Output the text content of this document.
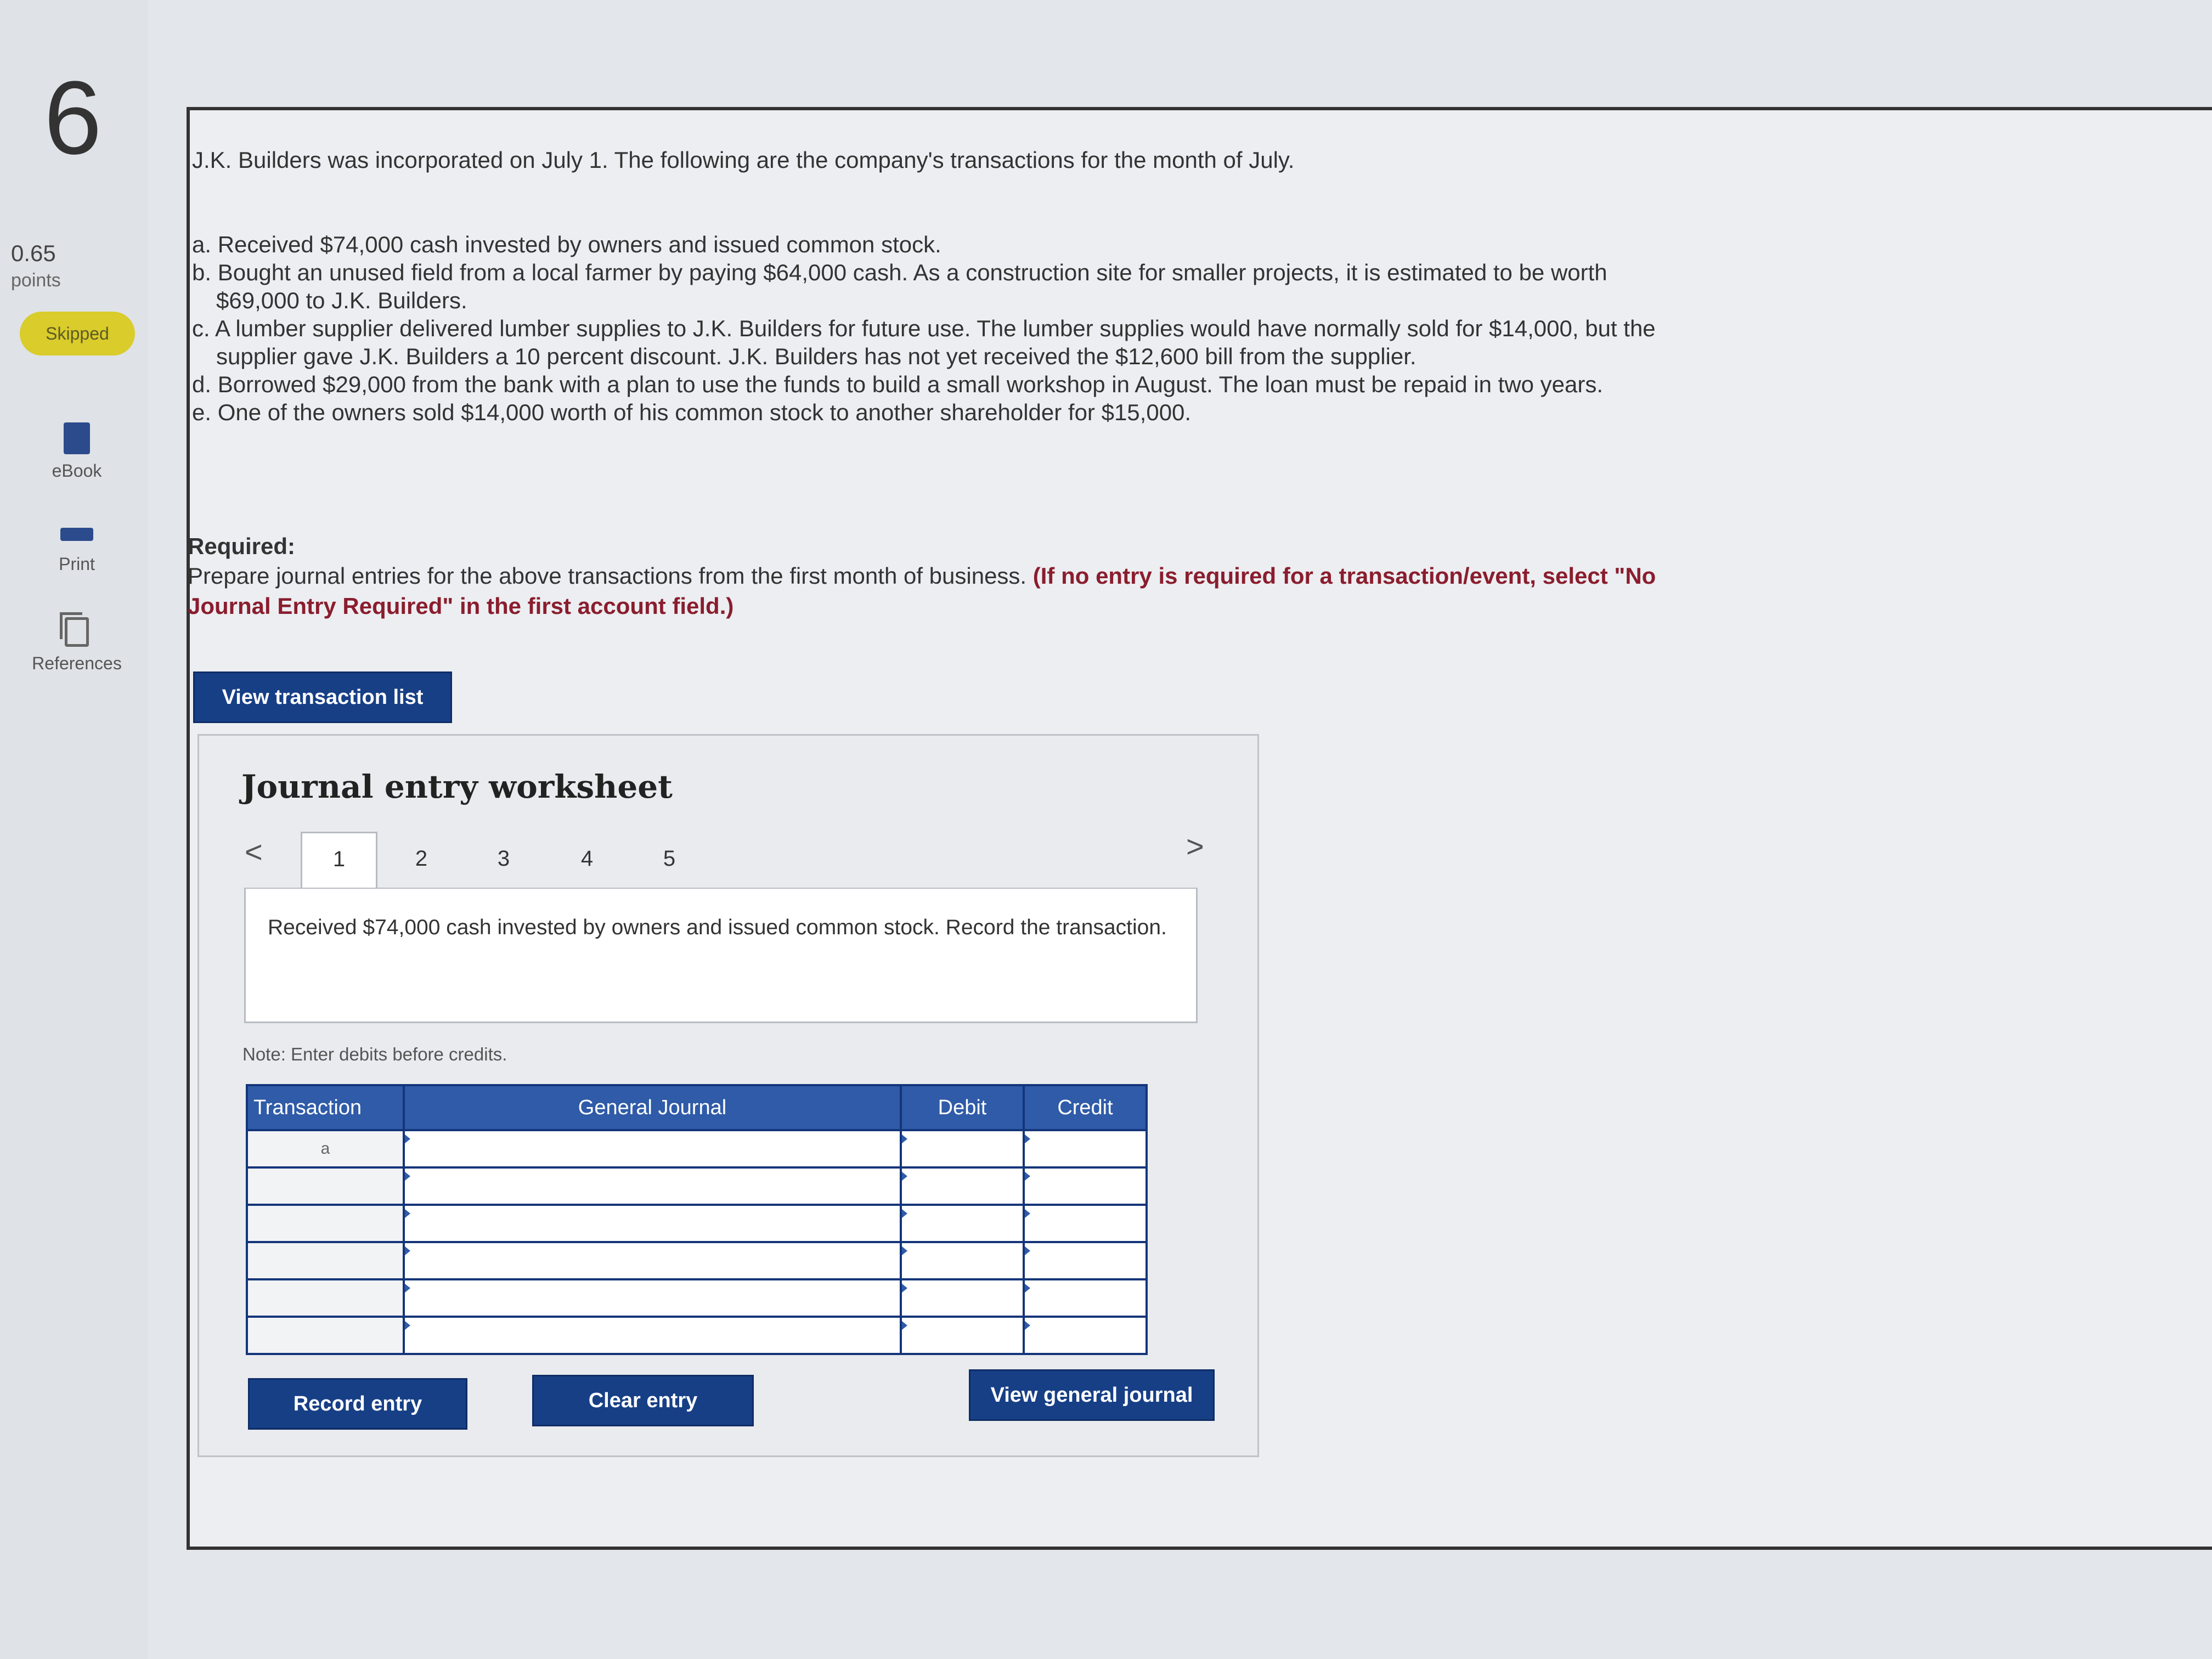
6
0.65
points
Skipped
eBook
Print
References
J.K. Builders was incorporated on July 1. The following are the company's transactions for the month of July.

a. Received $74,000 cash invested by owners and issued common stock.

b. Bought an unused field from a local farmer by paying $64,000 cash. As a construction site for smaller projects, it is estimated to be worth $69,000 to J.K. Builders.

c. A lumber supplier delivered lumber supplies to J.K. Builders for future use. The lumber supplies would have normally sold for $14,000, but the supplier gave J.K. Builders a 10 percent discount. J.K. Builders has not yet received the $12,600 bill from the supplier.

d. Borrowed $29,000 from the bank with a plan to use the funds to build a small workshop in August. The loan must be repaid in two years.

e. One of the owners sold $14,000 worth of his common stock to another shareholder for $15,000.

Required:
Prepare journal entries for the above transactions from the first month of business. (If no entry is required for a transaction/event, select "No Journal Entry Required" in the first account field.)
View transaction list
Journal entry worksheet
<	>
1	2	3	4	5
Received $74,000 cash invested by owners and issued common stock. Record the transaction.
Note: Enter debits before credits.
Transaction	General Journal	Debit	Credit
a			

Record entry	Clear entry	View general journal
